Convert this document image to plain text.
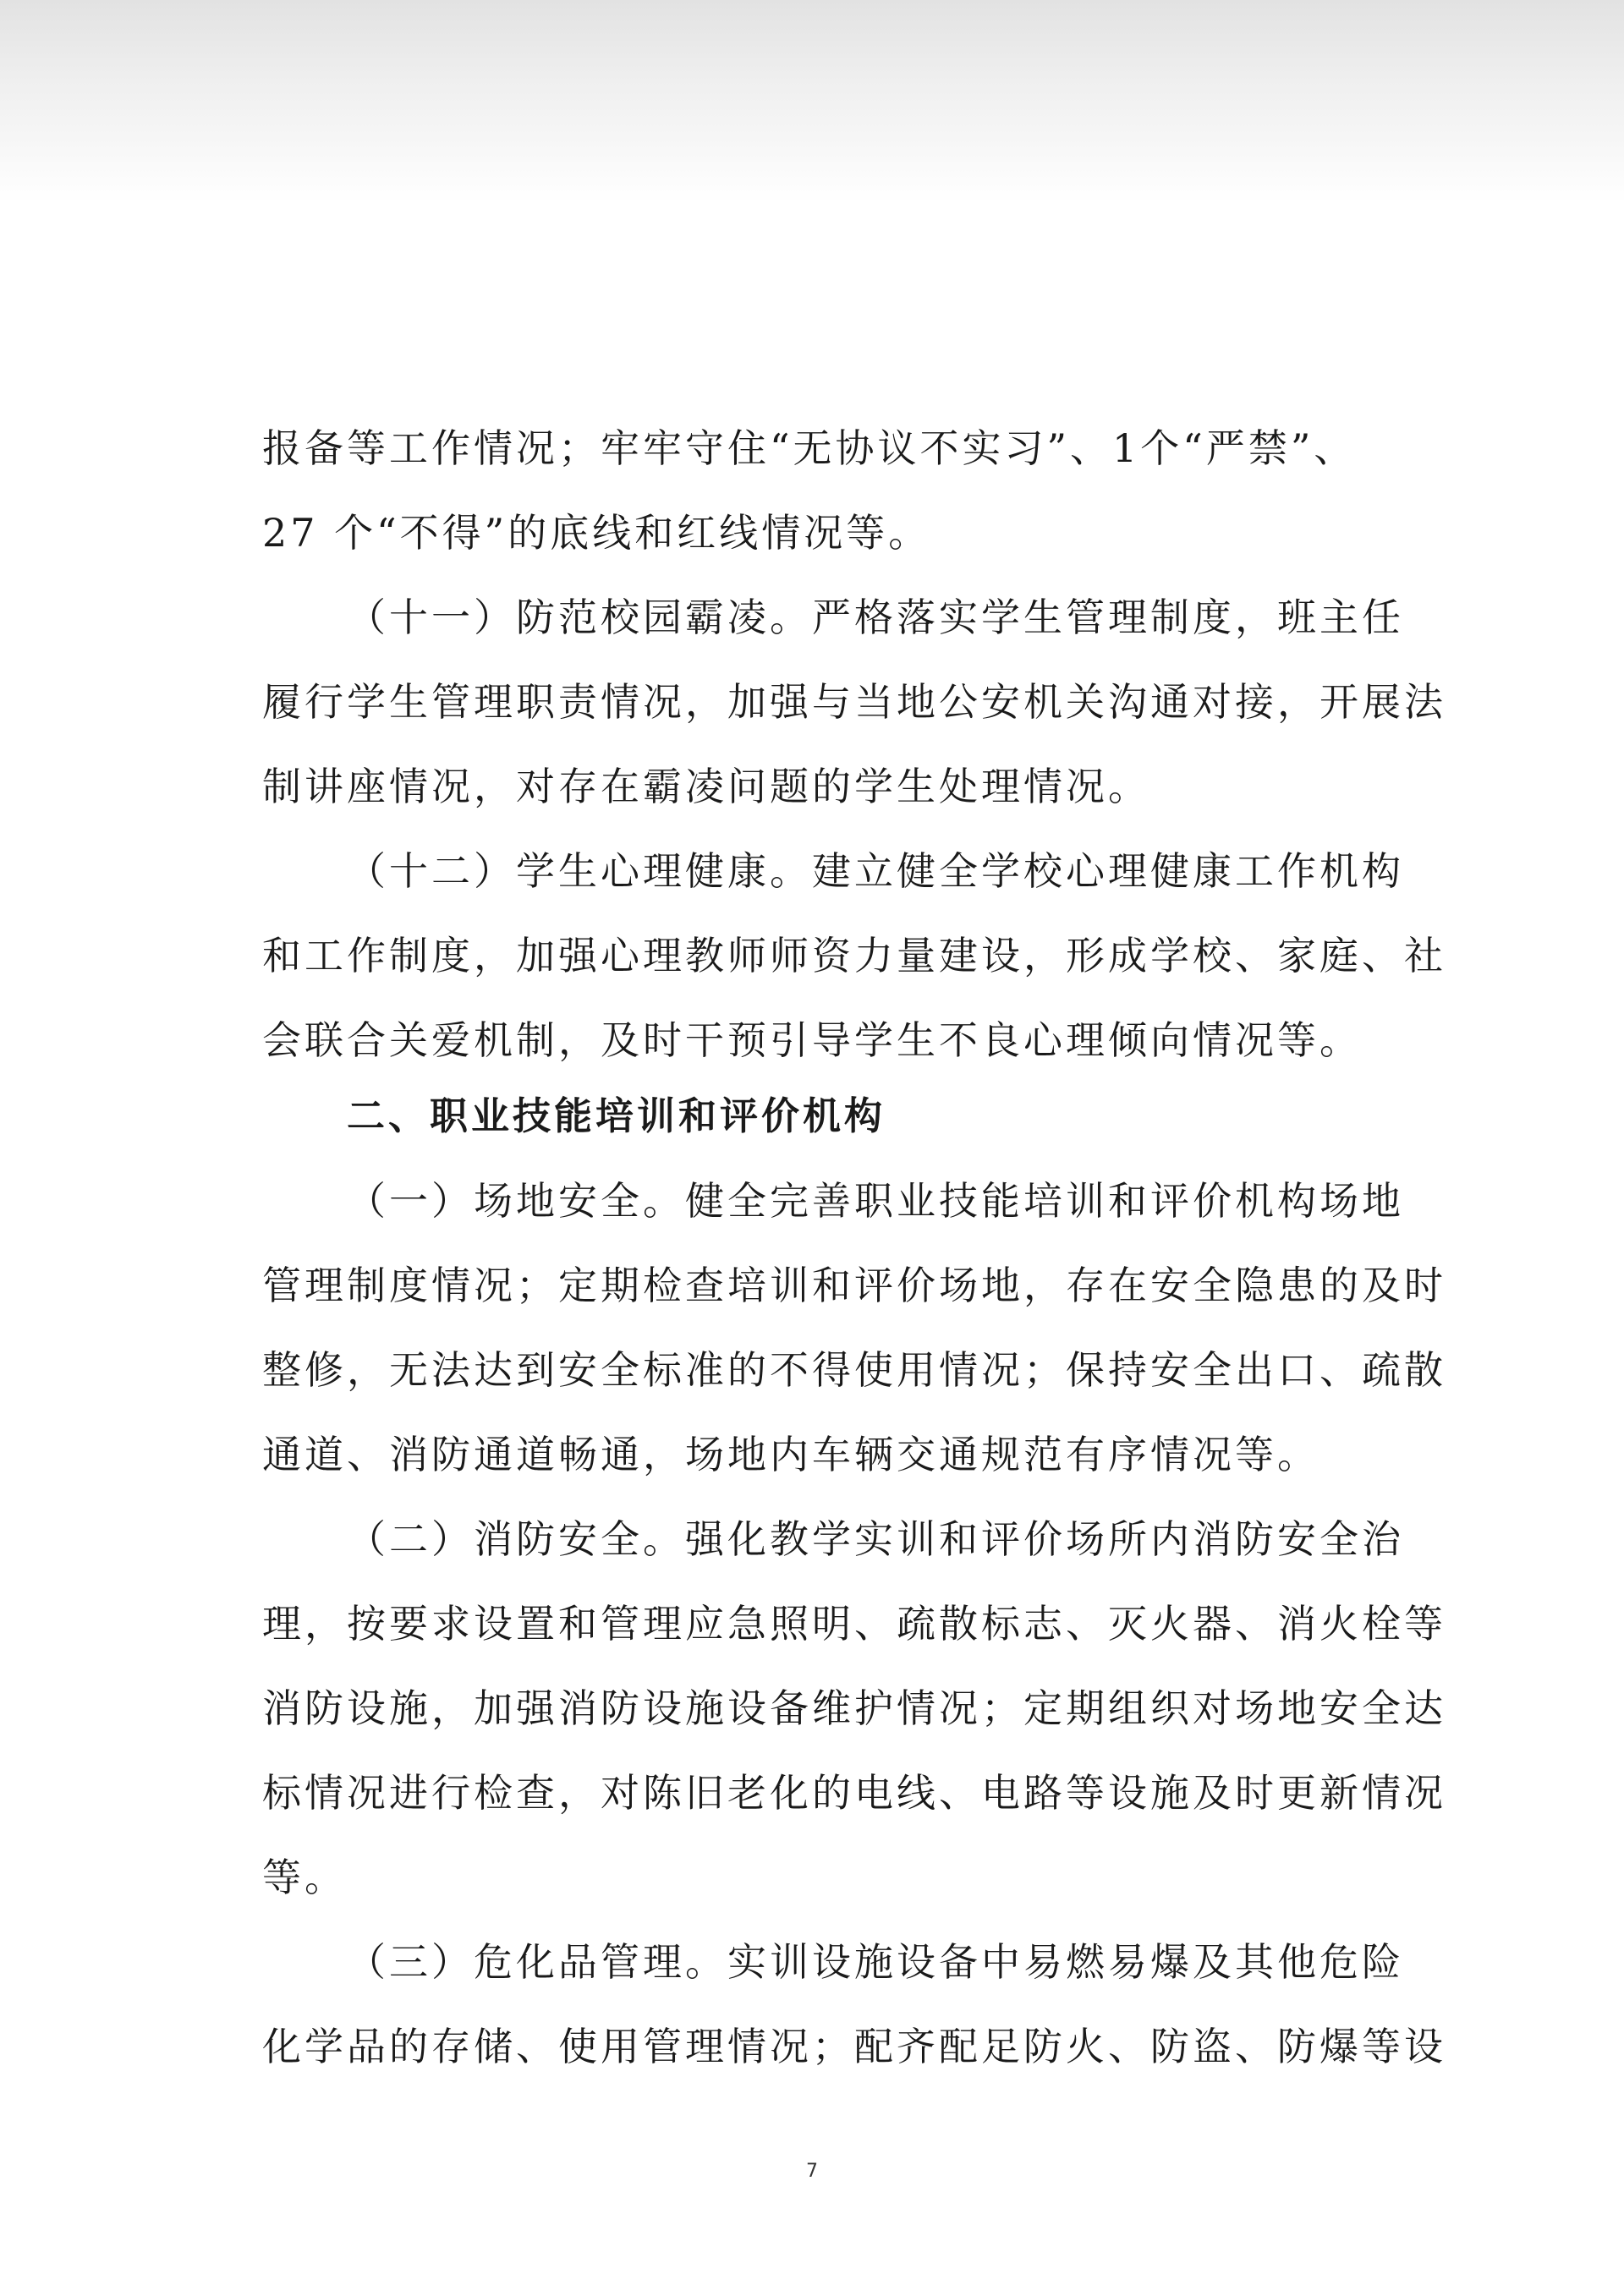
报备等工作情况；牢牢守住“无协议不实习”、1个“严禁”、
27 个“不得”的底线和红线情况等。
（十一）防范校园霸凌。严格落实学生管理制度，班主任
履行学生管理职责情况，加强与当地公安机关沟通对接，开展法
制讲座情况，对存在霸凌问题的学生处理情况。
（十二）学生心理健康。建立健全学校心理健康工作机构
和工作制度，加强心理教师师资力量建设，形成学校、家庭、社
会联合关爱机制，及时干预引导学生不良心理倾向情况等。
二、职业技能培训和评价机构
（一）场地安全。健全完善职业技能培训和评价机构场地
管理制度情况；定期检查培训和评价场地，存在安全隐患的及时
整修，无法达到安全标准的不得使用情况；保持安全出口、疏散
通道、消防通道畅通，场地内车辆交通规范有序情况等。
（二）消防安全。强化教学实训和评价场所内消防安全治
理，按要求设置和管理应急照明、疏散标志、灭火器、消火栓等
消防设施，加强消防设施设备维护情况；定期组织对场地安全达
标情况进行检查，对陈旧老化的电线、电路等设施及时更新情况
等。
（三）危化品管理。实训设施设备中易燃易爆及其他危险
化学品的存储、使用管理情况；配齐配足防火、防盗、防爆等设
7
